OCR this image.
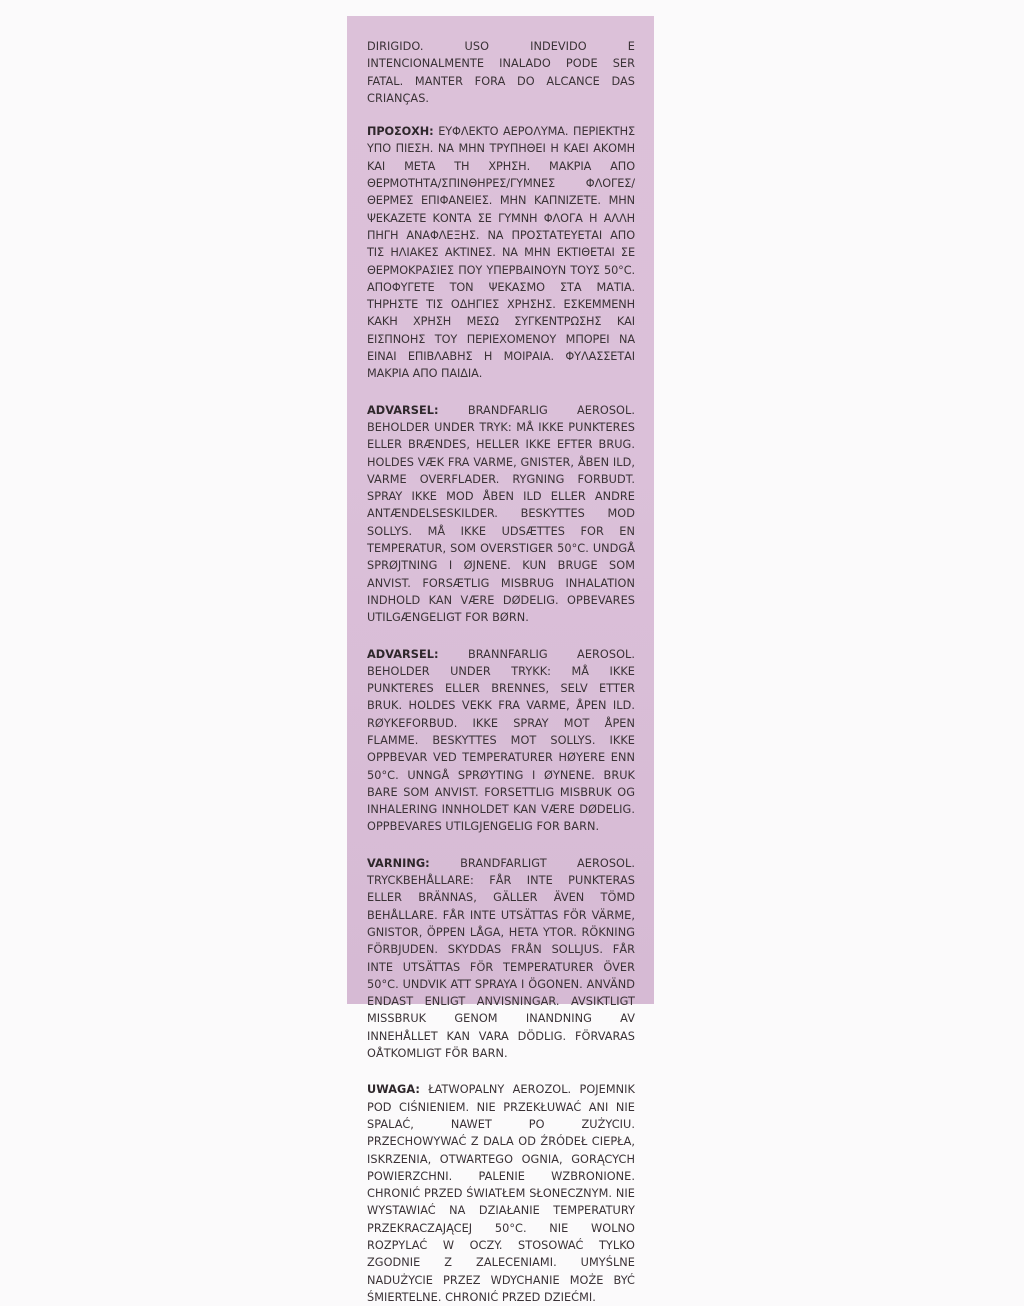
DIRIGIDO. USO INDEVIDO E INTENCIONALMENTE INALADO PODE SER FATAL. MANTER FORA DO ALCANCE DAS CRIANÇAS.

ΠΡΟΣΟΧΗ: ΕΥΦΛΕΚΤΟ ΑΕΡΟΛΥΜΑ. ΠΕΡΙΕΚΤΗΣ ΥΠΟ ΠΙΕΣΗ. ΝΑ ΜΗΝ ΤΡΥΠΗΘΕΙ Η ΚΑΕΙ ΑΚΟΜΗ ΚΑΙ ΜΕΤΑ ΤΗ ΧΡΗΣΗ. ΜΑΚΡΙΑ ΑΠΟ ΘΕΡΜΟΤΗΤΑ/ΣΠΙΝΘΗΡΕΣ/ΓΥΜΝΕΣ ΦΛΟΓΕΣ/ΘΕΡΜΕΣ ΕΠΙΦΑΝΕΙΕΣ. ΜΗΝ ΚΑΠΝΙΖΕΤΕ. ΜΗΝ ΨΕΚΑΖΕΤΕ ΚΟΝΤΑ ΣΕ ΓΥΜΝΗ ΦΛΟΓΑ Η ΑΛΛΗ ΠΗΓΗ ΑΝΑΦΛΕΞΗΣ. ΝΑ ΠΡΟΣΤΑΤΕΥΕΤΑΙ ΑΠΟ ΤΙΣ ΗΛΙΑΚΕΣ ΑΚΤΙΝΕΣ. ΝΑ ΜΗΝ ΕΚΤΙΘΕΤΑΙ ΣΕ ΘΕΡΜΟΚΡΑΣΙΕΣ ΠΟΥ ΥΠΕΡΒΑΙΝΟΥΝ ΤΟΥΣ 50°C. ΑΠΟΦΥΓΕΤΕ ΤΟΝ ΨΕΚΑΣΜΟ ΣΤΑ ΜΑΤΙΑ. ΤΗΡΗΣΤΕ ΤΙΣ ΟΔΗΓΙΕΣ ΧΡΗΣΗΣ. ΕΣΚΕΜΜΕΝΗ ΚΑΚΗ ΧΡΗΣΗ ΜΕΣΩ ΣΥΓΚΕΝΤΡΩΣΗΣ ΚΑΙ ΕΙΣΠΝΟΗΣ ΤΟΥ ΠΕΡΙΕΧΟΜΕΝΟΥ ΜΠΟΡΕΙ ΝΑ ΕΙΝΑΙ ΕΠΙΒΛΑΒΗΣ Η ΜΟΙΡΑΙΑ. ΦΥΛΑΣΣΕΤΑΙ ΜΑΚΡΙΑ ΑΠΟ ΠΑΙΔΙΑ.

ADVARSEL:	BRANDFARLIG AEROSOL. BEHOLDER UNDER TRYK: MÅ IKKE PUNKTERES ELLER BRÆNDES, HELLER IKKE EFTER BRUG. HOLDES VÆK FRA VARME, GNISTER, ÅBEN ILD, VARME OVERFLADER. RYGNING FORBUDT. SPRAY IKKE MOD ÅBEN ILD ELLER ANDRE ANTÆNDELSESKILDER. BESKYTTES MOD SOLLYS. MÅ IKKE UDSÆTTES FOR EN TEMPERATUR, SOM OVERSTIGER 50°C. UNDGÅ SPRØJTNING I ØJNENE. KUN BRUGE SOM ANVIST. FORSÆTLIG MISBRUG INHALATION INDHOLD KAN VÆRE DØDELIG. OPBEVARES UTILGÆNGELIGT FOR BØRN.

ADVARSEL:	BRANNFARLIG AEROSOL. BEHOLDER UNDER TRYKK: MÅ IKKE PUNKTERES ELLER BRENNES, SELV ETTER BRUK. HOLDES VEKK FRA VARME, ÅPEN ILD. RØYKEFORBUD. IKKE SPRAY MOT ÅPEN FLAMME. BESKYTTES MOT SOLLYS. IKKE OPPBEVAR VED TEMPERATURER HØYERE ENN 50°C. UNNGÅ SPRØYTING I ØYNENE. BRUK BARE SOM ANVIST. FORSETTLIG MISBRUK OG INHALERING INNHOLDET KAN VÆRE DØDELIG. OPPBEVARES UTILGJENGELIG FOR BARN.

VARNING:	BRANDFARLIGT AEROSOL. TRYCKBEHÅLLARE: FÅR INTE PUNKTERAS ELLER BRÄNNAS, GÄLLER ÄVEN TÖMD BEHÅLLARE. FÅR INTE UTSÄTTAS FÖR VÄRME, GNISTOR, ÖPPEN LÅGA, HETA YTOR. RÖKNING FÖRBJUDEN. SKYDDAS FRÅN SOLLJUS. FÅR INTE UTSÄTTAS FÖR TEMPERATURER ÖVER 50°C. UNDVIK ATT SPRAYA I ÖGONEN. ANVÄND ENDAST ENLIGT ANVISNINGAR. AVSIKTLIGT MISSBRUK GENOM INANDNING AV INNEHÅLLET KAN VARA DÖDLIG. FÖRVARAS OÅTKOMLIGT FÖR BARN.

UWAGA: ŁATWOPALNY AEROZOL. POJEMNIK POD CIŚNIENIEM. NIE PRZEKŁUWAĆ ANI NIE SPALAĆ, NAWET PO ZUŻYCIU. PRZECHOWYWAĆ Z DALA OD ŹRÓDEŁ CIEPŁA, ISKRZENIA, OTWARTEGO OGNIA, GORĄCYCH POWIERZCHNI. PALENIE WZBRONIONE. CHRONIĆ PRZED ŚWIATŁEM SŁONECZNYM. NIE WYSTAWIAĆ NA DZIAŁANIE TEMPERATURY PRZEKRACZAJĄCEJ 50°C. NIE WOLNO ROZPYLAĆ W OCZY. STOSOWAĆ TYLKO ZGODNIE Z ZALECENIAMI. UMYŚLNE NADUŻYCIE PRZEZ WDYCHANIE MOŻE BYĆ ŚMIERTELNE. CHRONIĆ PRZED DZIEĆMI.
